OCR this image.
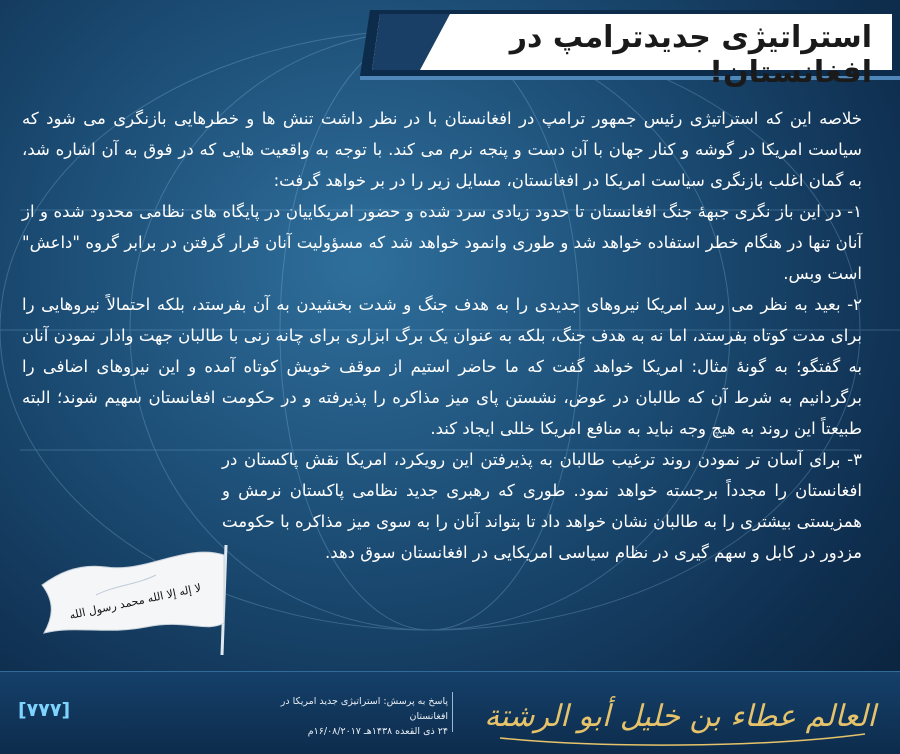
استراتیژی جدیدترامپ در افغانستان!

خلاصه این که استراتیژی رئیس جمهور ترامپ در افغانستان با در نظر داشت تنش ها و خطرهایی بازنگری می شود که سیاست امریکا در گوشه و کنار جهان با آن دست و پنجه نرم می کند. با توجه به واقعیت هایی که در فوق به آن اشاره شد، به گمان اغلب بازنگری سیاست امریکا در افغانستان، مسایل زیر را در بر خواهد گرفت:

۱- در این باز نگری جبهۀ جنگ افغانستان تا حدود زیادی سرد شده و حضور امریکاییان در پایگاه های نظامی محدود شده و از آنان تنها در هنگام خطر استفاده خواهد شد و طوری وانمود خواهد شد که مسؤولیت آنان قرار گرفتن در برابر گروه "داعش" است وبس.

۲- بعید به نظر می رسد امریکا نیروهای جدیدی را به هدف جنگ و شدت بخشیدن به آن بفرستد، بلکه احتمالاً نیروهایی را برای مدت کوتاه بفرستد، اما نه به هدف جنگ، بلکه به عنوان یک برگ ابزاری برای چانه زنی با طالبان جهت وادار نمودن آنان به گفتگو؛ به گونۀ مثال: امریکا خواهد گفت که ما حاضر استیم از موقف خویش کوتاه آمده و این نیروهای اضافی را برگردانیم به شرط آن که طالبان در عوض، نشستن پای میز مذاکره را پذیرفته و در حکومت افغانستان سهیم شوند؛ البته طبیعتاً این روند به هیچ وجه نباید به منافع امریکا خللی ایجاد کند.

۳- برای آسان تر نمودن روند ترغیب طالبان به پذیرفتن این رویکرد، امریکا نقش پاکستان در افغانستان را مجدداً برجسته خواهد نمود. طوری که رهبری جدید نظامی پاکستان نرمش و همزیستی بیشتری را به طالبان نشان خواهد داد تا بتواند آنان را به سوی میز مذاکره با حکومت مزدور در کابل و سهم گیری در نظام سیاسی امریکایی در افغانستان سوق دهد.

لا إله إلا الله محمد رسول الله
[۷۷۷]	پاسخ به پرسش: استراتیژی جدید امریکا در افغانستان
۲۴ ذی القعده ۱۴۳۸هـ ۱۶/۰۸/۲۰۱۷م العالم عطاء بن خليل أبو الرشتة
